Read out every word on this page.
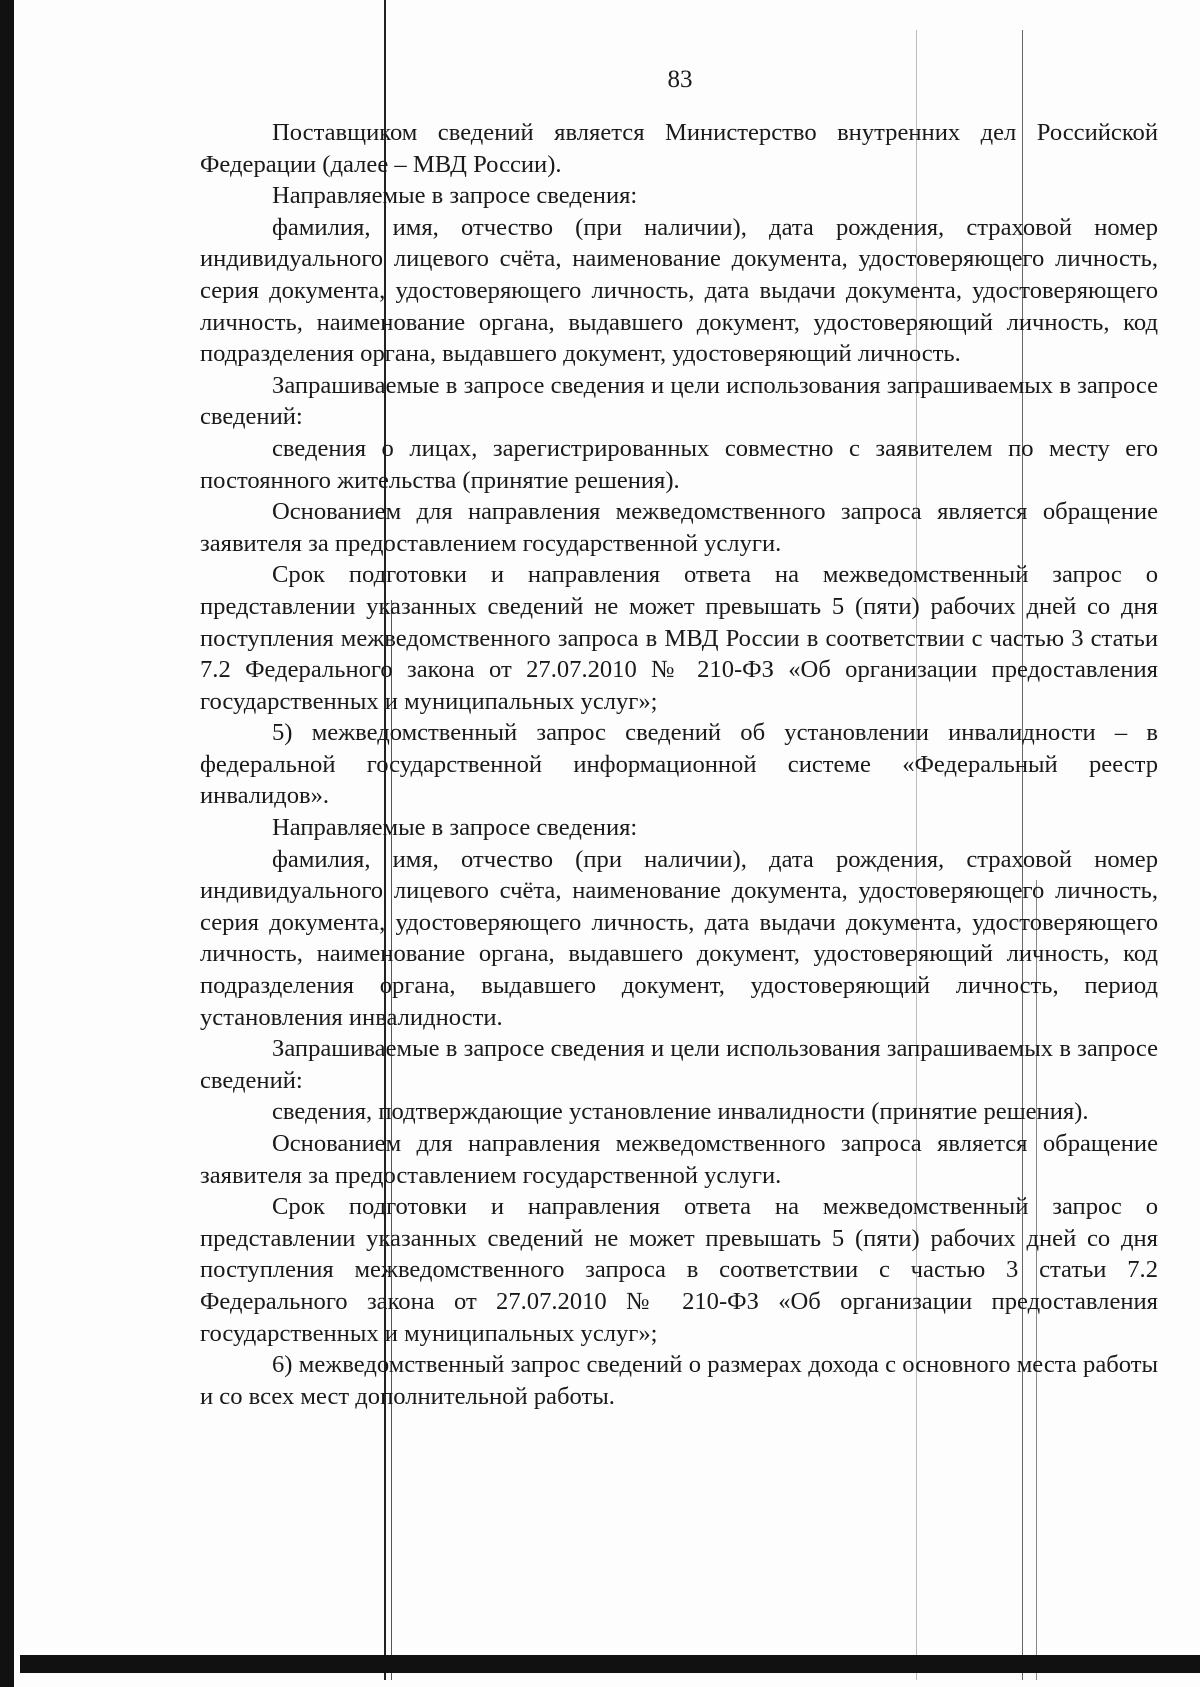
83

Поставщиком сведений является Министерство внутренних дел Российской Федерации (далее – МВД России).

Направляемые в запросе сведения:

фамилия, имя, отчество (при наличии), дата рождения, страховой номер индивидуального лицевого счёта, наименование документа, удостоверяющего личность, серия документа, удостоверяющего личность, дата выдачи документа, удостоверяющего личность, наименование органа, выдавшего документ, удостоверяющий личность, код подразделения органа, выдавшего документ, удостоверяющий личность.

Запрашиваемые в запросе сведения и цели использования запрашиваемых в запросе сведений:

сведения о лицах, зарегистрированных совместно с заявителем по месту его постоянного жительства (принятие решения).

Основанием для направления межведомственного запроса является обращение заявителя за предоставлением государственной услуги.

Срок подготовки и направления ответа на межведомственный запрос о представлении указанных сведений не может превышать 5 (пяти) рабочих дней со дня поступления межведомственного запроса в МВД России в соответствии с частью 3 статьи 7.2 Федерального закона от 27.07.2010 № 210-ФЗ «Об организации предоставления государственных и муниципальных услуг»;

5) межведомственный запрос сведений об установлении инвалидности – в федеральной государственной информационной системе «Федеральный реестр инвалидов».

Направляемые в запросе сведения:

фамилия, имя, отчество (при наличии), дата рождения, страховой номер индивидуального лицевого счёта, наименование документа, удостоверяющего личность, серия документа, удостоверяющего личность, дата выдачи документа, удостоверяющего личность, наименование органа, выдавшего документ, удостоверяющий личность, код подразделения органа, выдавшего документ, удостоверяющий личность, период установления инвалидности.

Запрашиваемые в запросе сведения и цели использования запрашиваемых в запросе сведений:

сведения, подтверждающие установление инвалидности (принятие решения).

Основанием для направления межведомственного запроса является обращение заявителя за предоставлением государственной услуги.

Срок подготовки и направления ответа на межведомственный запрос о представлении указанных сведений не может превышать 5 (пяти) рабочих дней со дня поступления межведомственного запроса в соответствии с частью 3 статьи 7.2 Федерального закона от 27.07.2010 № 210-ФЗ «Об организации предоставления государственных и муниципальных услуг»;

6) межведомственный запрос сведений о размерах дохода с основного места работы и со всех мест дополнительной работы.
